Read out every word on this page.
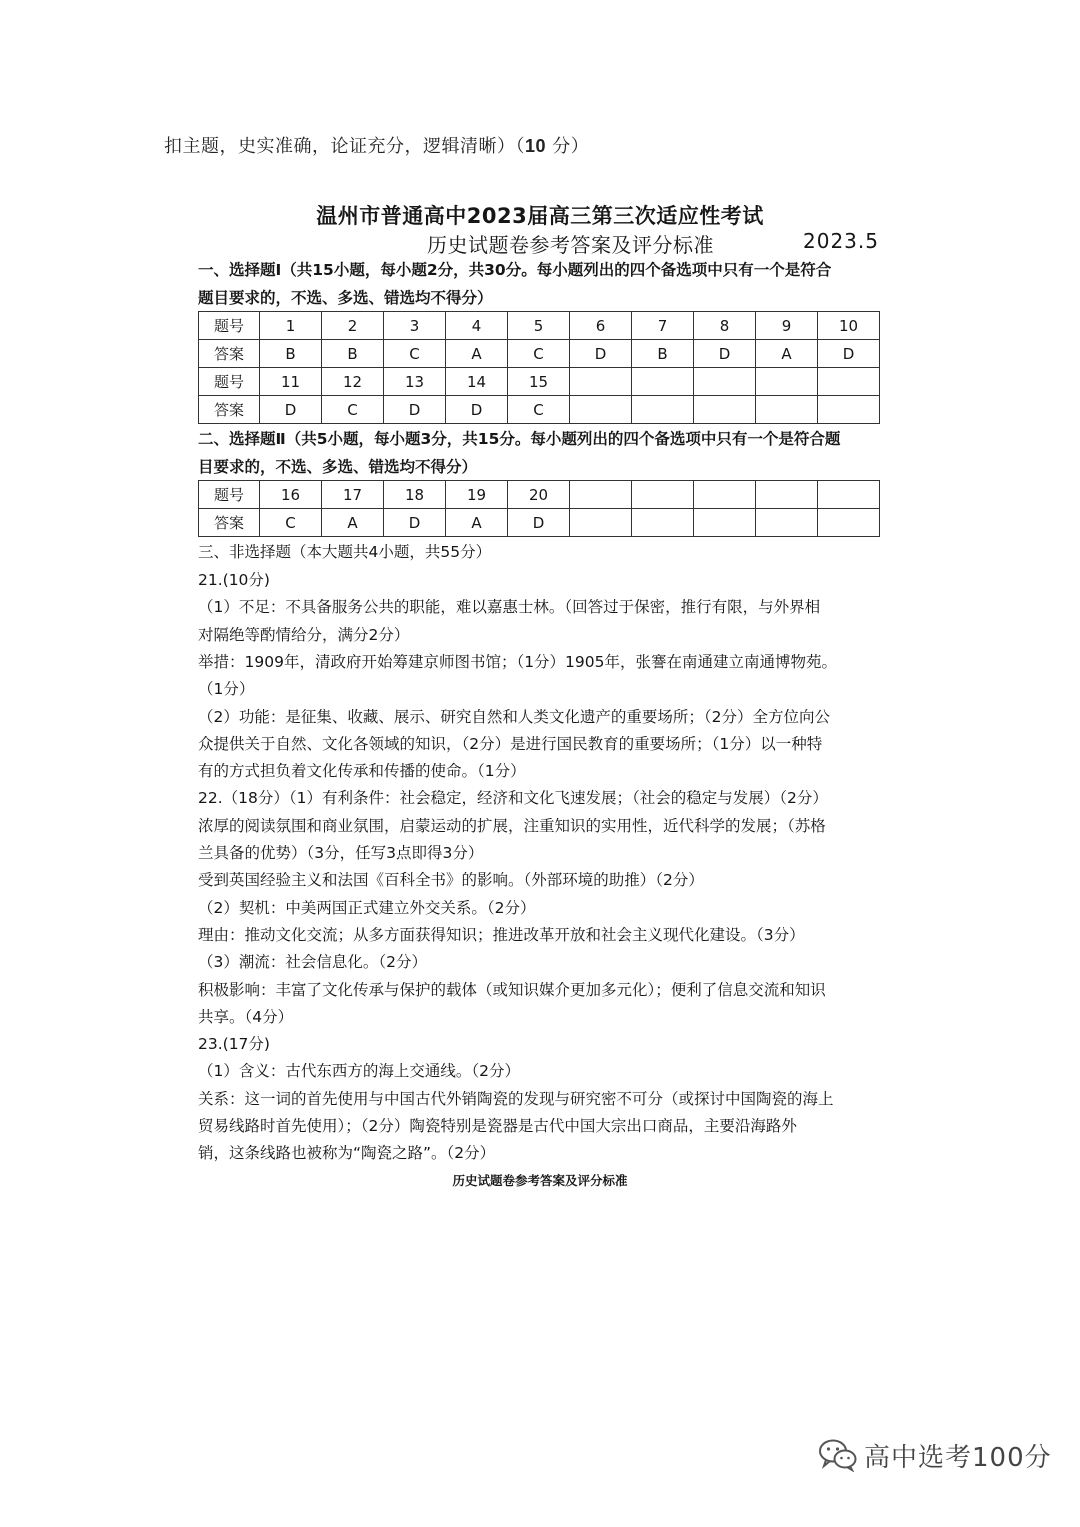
扣主题，史实准确，论证充分，逻辑清晰）（10 分）
温州市普通高中2023届高三第三次适应性考试
历史试题卷参考答案及评分标准	2023.5
一、选择题Ⅰ（共15小题，每小题2分，共30分。每小题列出的四个备选项中只有一个是符合
题目要求的，不选、多选、错选均不得分）
题号	1	2	3	4	5	6	7	8	9	10
答案	B	B	C	A	C	D	B	D	A	D
题号	11	12	13	14	15					
答案	D	C	D	D	C					
二、选择题Ⅱ（共5小题，每小题3分，共15分。每小题列出的四个备选项中只有一个是符合题
目要求的，不选、多选、错选均不得分）
题号	16	17	18	19	20					
答案	C	A	D	A	D					
三、非选择题（本大题共4小题，共55分）
21.(10分)
（1）不足：不具备服务公共的职能，难以嘉惠士林。（回答过于保密，推行有限，与外界相
对隔绝等酌情给分，满分2分）
举措：1909年，清政府开始筹建京师图书馆；（1分）1905年，张謇在南通建立南通博物苑。
（1分）
（2）功能：是征集、收藏、展示、研究自然和人类文化遗产的重要场所；（2分）全方位向公
众提供关于自然、文化各领域的知识，（2分）是进行国民教育的重要场所；（1分）以一种特
有的方式担负着文化传承和传播的使命。（1分）
22.（18分）（1）有利条件：社会稳定，经济和文化飞速发展；（社会的稳定与发展）（2分）
浓厚的阅读氛围和商业氛围，启蒙运动的扩展，注重知识的实用性，近代科学的发展；（苏格
兰具备的优势）（3分，任写3点即得3分）
受到英国经验主义和法国《百科全书》的影响。（外部环境的助推）（2分）
（2）契机：中美两国正式建立外交关系。（2分）
理由：推动文化交流；从多方面获得知识；推进改革开放和社会主义现代化建设。（3分）
（3）潮流：社会信息化。（2分）
积极影响：丰富了文化传承与保护的载体（或知识媒介更加多元化）；便利了信息交流和知识
共享。（4分）
23.(17分)
（1）含义：古代东西方的海上交通线。（2分）
关系：这一词的首先使用与中国古代外销陶瓷的发现与研究密不可分（或探讨中国陶瓷的海上
贸易线路时首先使用）；（2分）陶瓷特别是瓷器是古代中国大宗出口商品，主要沿海路外
销，这条线路也被称为“陶瓷之路”。（2分）
历史试题卷参考答案及评分标准
高中选考100分
